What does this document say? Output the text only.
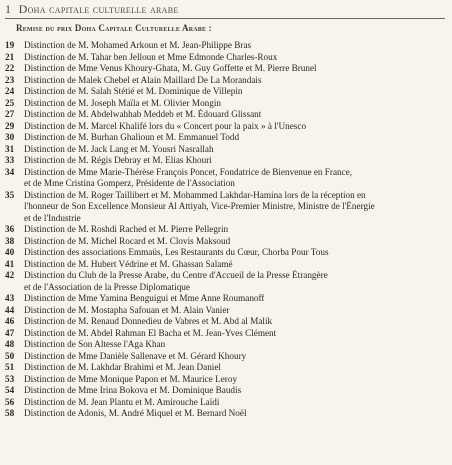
1 Doha capitale culturelle arabe
Remise du prix Doha Capitale Culturelle Arabe :
19	Distinction de M. Mohamed Arkoun et M. Jean-Philippe Bras
21	Distinction de M. Tahar ben Jelloun et Mme Edmonde Charles-Roux
22	Distinction de Mme Venus Khoury-Ghata, M. Guy Goffette et M. Pierre Brunel
23	Distinction de Malek Chebel et Alain Maillard De La Morandais
24	Distinction de M. Salah Stétié et M. Dominique de Villepin
25	Distinction de M. Joseph Maïla et M. Olivier Mongin
27	Distinction de M. Abdelwahhab Meddeb et M. Édouard Glissant
29	Distinction de M. Marcel Khalifé lors du « Concert pour la paix » à l'Unesco
30	Distinction de M. Burhan Ghalioun et M. Emmanuel Todd
31	Distinction de M. Jack Lang et M. Yousri Nasrallah
33	Distinction de M. Régis Debray et M. Elias Khouri
34	Distinction de Mme Marie-Thérèse François Poncet, Fondatrice de Bienvenue en France,
et de Mme Cristina Gomperz, Présidente de l'Association
35	Distinction de M. Roger Taillibert et M. Mohammed Lakhdar-Hamina lors de la réception en
l'honneur de Son Excellence Monsieur Al Attiyah, Vice-Premier Ministre, Ministre de l'Énergie
et de l'Industrie
36	Distinction de M. Roshdi Rached et M. Pierre Pellegrin
38	Distinction de M. Michel Rocard et M. Clovis Maksoud
40	Distinction des associations Emmaüs, Les Restaurants du Cœur, Chorba Pour Tous
41	Distinction de M. Hubert Védrine et M. Ghassan Salamé
42	Distinction du Club de la Presse Arabe, du Centre d'Accueil de la Presse Étrangère
et de l'Association de la Presse Diplomatique
43	Distinction de Mme Yamina Benguigui et Mme Anne Roumanoff
44	Distinction de M. Mostapha Safouan et M. Alain Vanier
46	Distinction de M. Renaud Donnedieu de Vabres et M. Abd al Malik
47	Distinction de M. Abdel Rahman El Bacha et M. Jean-Yves Clément
48	Distinction de Son Altesse l'Aga Khan
50	Distinction de Mme Danièle Sallenave et M. Gérard Khoury
51	Distinction de M. Lakhdar Brahimi et M. Jean Daniel
53	Distinction de Mme Monique Papon et M. Maurice Leroy
54	Distinction de Mme Irina Bokova et M. Dominique Baudis
56	Distinction de M. Jean Plantu et M. Amirouche Laïdi
58	Distinction de Adonis, M. André Miquel et M. Bernard Noël
